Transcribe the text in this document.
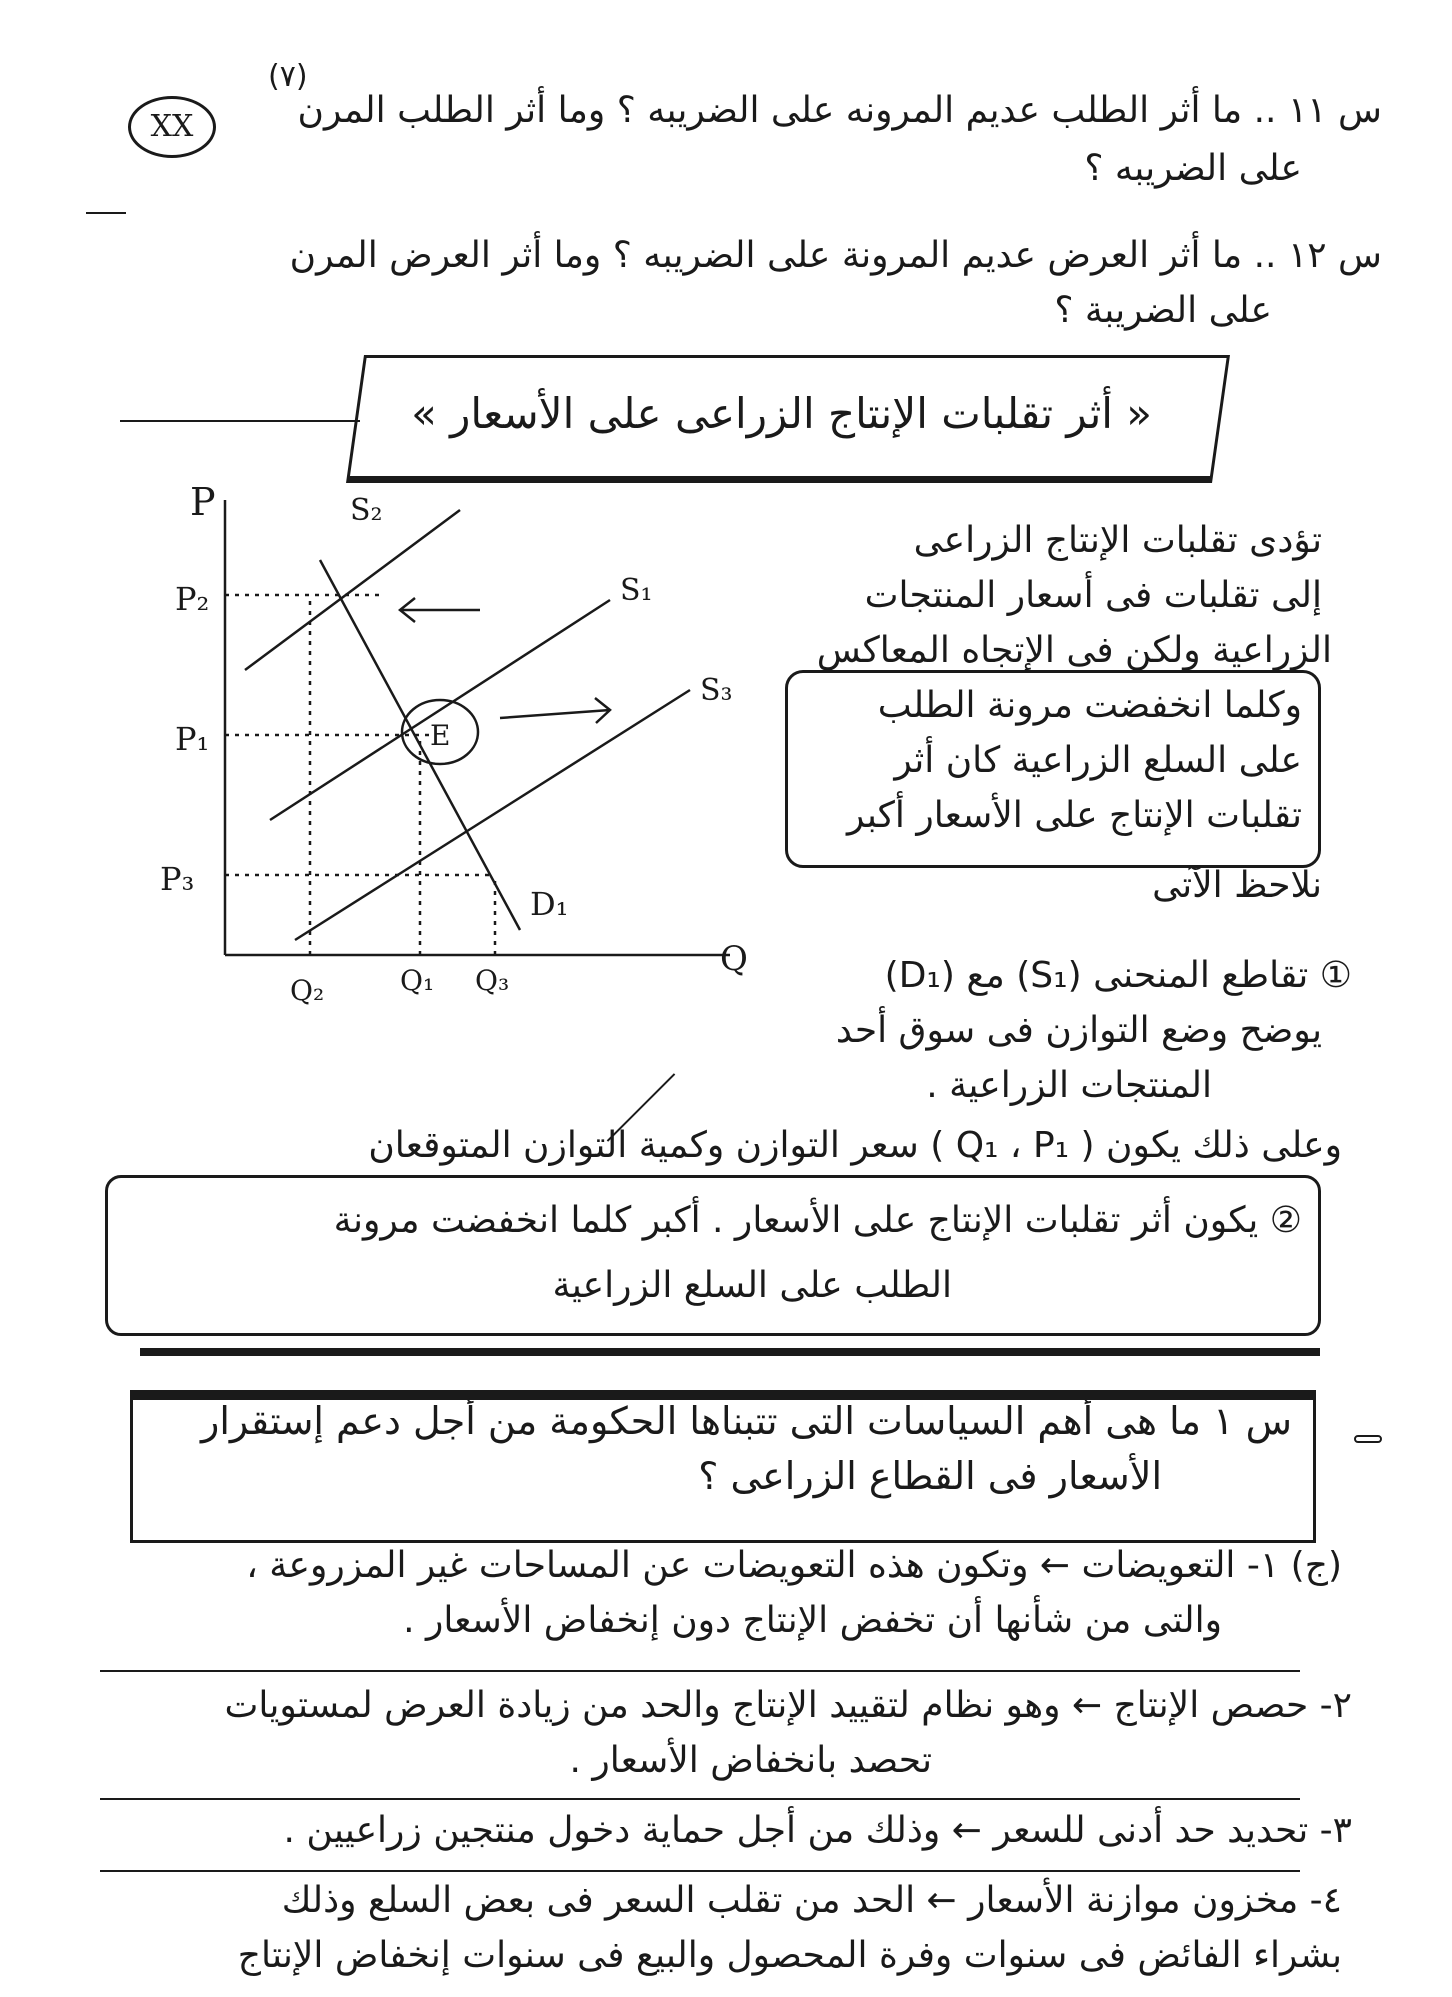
(٧)
XX	س ١١ .. ما أثر الطلب عديم المرونه على الضريبه ؟ وما أثر الطلب المرن
على الضريبه ؟
س ١٢ .. ما أثر العرض عديم المرونة على الضريبه ؟ وما أثر العرض المرن
على الضريبة ؟
« أثر تقلبات الإنتاج الزراعى على الأسعار »
P
Q
P₂
P₁
P₃
S₂
S₁
S₃
D₁
E
Q₂	Q₁ Q₃
تؤدى تقلبات الإنتاج الزراعى
إلى تقلبات فى أسعار المنتجات
الزراعية ولكن فى الإتجاه المعاكس
وكلما انخفضت مرونة الطلب
على السلع الزراعية كان أثر
تقلبات الإنتاج على الأسعار أكبر
نلاحظ الآتى
① تقاطع المنحنى (S₁) مع (D₁)
يوضح وضع التوازن فى سوق أحد
المنتجات الزراعية .
وعلى ذلك يكون ( Q₁ ، P₁ ) سعر التوازن وكمية التوازن المتوقعان
② يكون أثر تقلبات الإنتاج على الأسعار . أكبر كلما انخفضت مرونة
الطلب على السلع الزراعية
س ١ ما هى أهم السياسات التى تتبناها الحكومة من أجل دعم إستقرار
الأسعار فى القطاع الزراعى ؟
(ج) ١- التعويضات ← وتكون هذه التعويضات عن المساحات غير المزروعة ،
والتى من شأنها أن تخفض الإنتاج دون إنخفاض الأسعار .
٢- حصص الإنتاج ← وهو نظام لتقييد الإنتاج والحد من زيادة العرض لمستويات
تحصد بانخفاض الأسعار .
٣- تحديد حد أدنى للسعر ← وذلك من أجل حماية دخول منتجين زراعيين .
٤- مخزون موازنة الأسعار ← الحد من تقلب السعر فى بعض السلع وذلك
بشراء الفائض فى سنوات وفرة المحصول والبيع فى سنوات إنخفاض الإنتاج
